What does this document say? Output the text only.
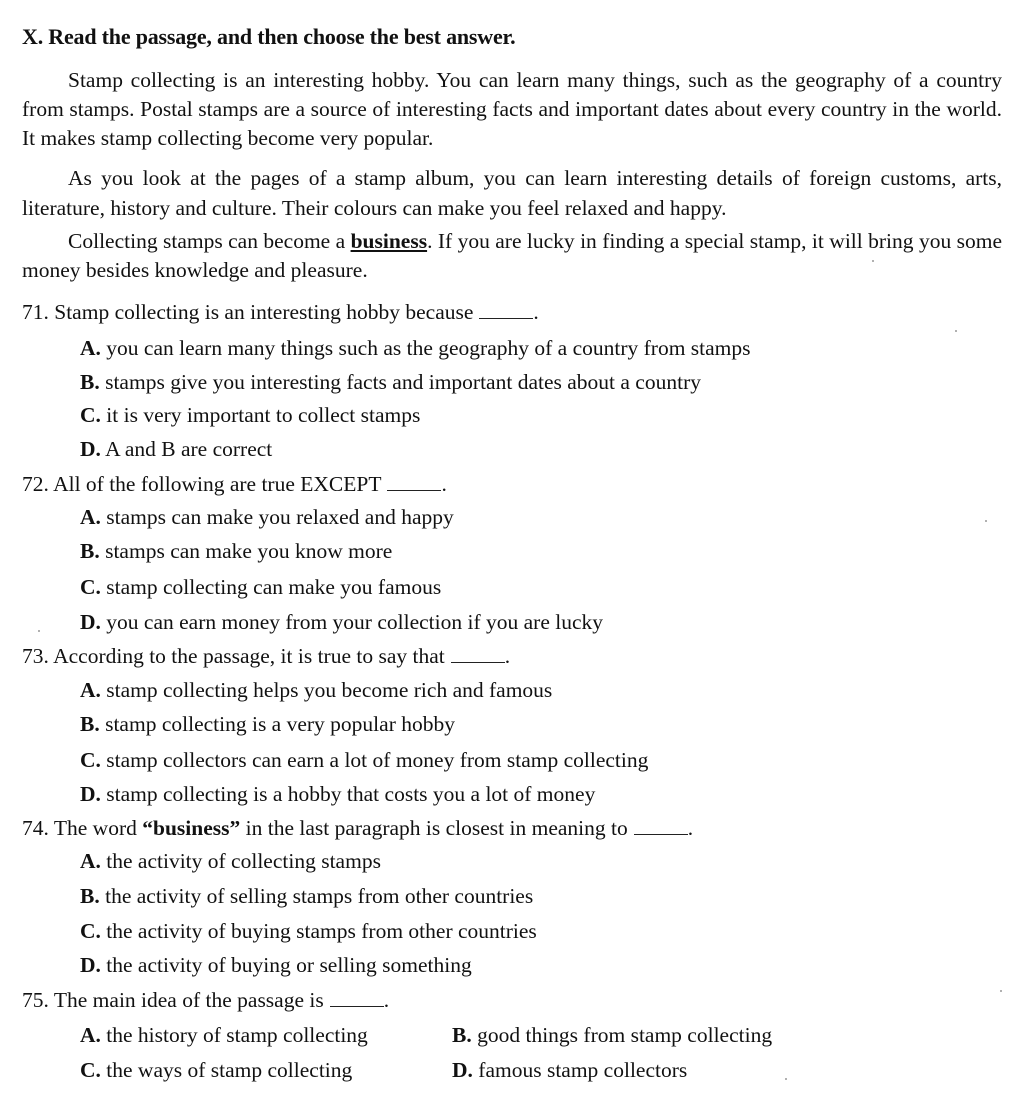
X. Read the passage, and then choose the best answer.
Stamp collecting is an interesting hobby. You can learn many things, such as the geography of a country from stamps. Postal stamps are a source of interesting facts and important dates about every country in the world. It makes stamp collecting become very popular.
As you look at the pages of a stamp album, you can learn interesting details of foreign customs, arts, literature, history and culture. Their colours can make you feel relaxed and happy.
Collecting stamps can become a business. If you are lucky in finding a special stamp, it will bring you some money besides knowledge and pleasure.
71. Stamp collecting is an interesting hobby because	.
A. you can learn many things such as the geography of a country from stamps
B. stamps give you interesting facts and important dates about a country
C. it is very important to collect stamps
D. A and B are correct
72. All of the following are true EXCEPT	.
A. stamps can make you relaxed and happy
B. stamps can make you know more
C. stamp collecting can make you famous
D. you can earn money from your collection if you are lucky
73. According to the passage, it is true to say that	.
A. stamp collecting helps you become rich and famous
B. stamp collecting is a very popular hobby
C. stamp collectors can earn a lot of money from stamp collecting
D. stamp collecting is a hobby that costs you a lot of money
74. The word “business” in the last paragraph is closest in meaning to	.
A. the activity of collecting stamps
B. the activity of selling stamps from other countries
C. the activity of buying stamps from other countries
D. the activity of buying or selling something
75. The main idea of the passage is	.
A. the history of stamp collecting	B. good things from stamp collecting
C. the ways of stamp collecting	D. famous stamp collectors
